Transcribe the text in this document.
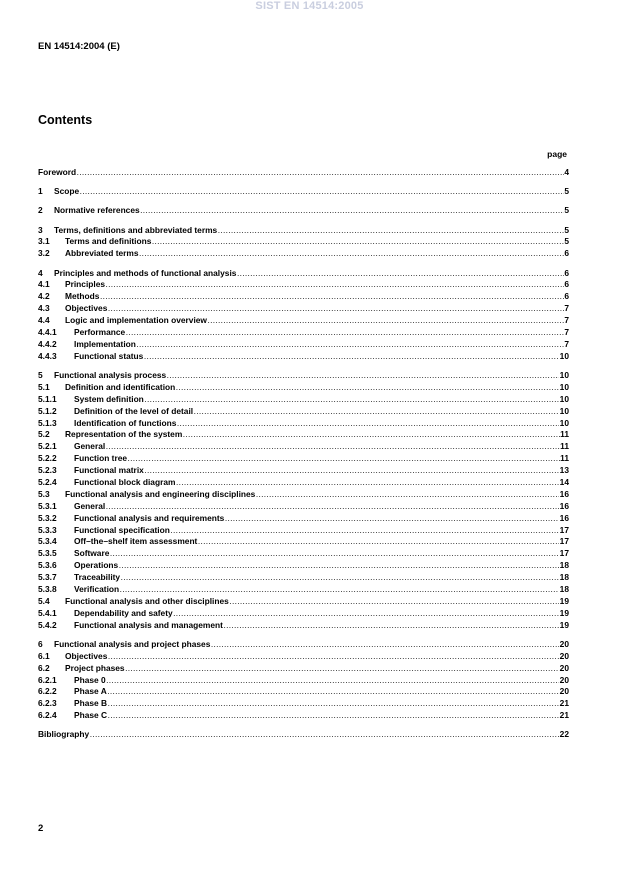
SIST EN 14514:2005
EN 14514:2004 (E)
Contents
page
Foreword .....	4
1	Scope .....	5
2	Normative references .....	5
3	Terms, definitions and abbreviated terms .....	5
3.1	Terms and definitions .....	5
3.2	Abbreviated terms .....	6
4	Principles and methods of functional analysis .....	6
4.1	Principles .....	6
4.2	Methods .....	6
4.3	Objectives .....	7
4.4	Logic and implementation overview .....	7
4.4.1	Performance .....	7
4.4.2	Implementation .....	7
4.4.3	Functional status .....	10
5	Functional analysis process .....	10
5.1	Definition and identification .....	10
5.1.1	System definition .....	10
5.1.2	Definition of the level of detail .....	10
5.1.3	Identification of functions .....	10
5.2	Representation of the system .....	11
5.2.1	General .....	11
5.2.2	Function tree .....	11
5.2.3	Functional matrix .....	13
5.2.4	Functional block diagram .....	14
5.3	Functional analysis and engineering disciplines .....	16
5.3.1	General .....	16
5.3.2	Functional analysis and requirements .....	16
5.3.3	Functional specification .....	17
5.3.4	Off–the–shelf item assessment .....	17
5.3.5	Software .....	17
5.3.6	Operations .....	18
5.3.7	Traceability .....	18
5.3.8	Verification .....	18
5.4	Functional analysis and other disciplines .....	19
5.4.1	Dependability and safety .....	19
5.4.2	Functional analysis and management .....	19
6	Functional analysis and project phases .....	20
6.1	Objectives .....	20
6.2	Project phases .....	20
6.2.1	Phase 0 .....	20
6.2.2	Phase A .....	20
6.2.3	Phase B .....	21
6.2.4	Phase C .....	21
Bibliography .....	22
2
